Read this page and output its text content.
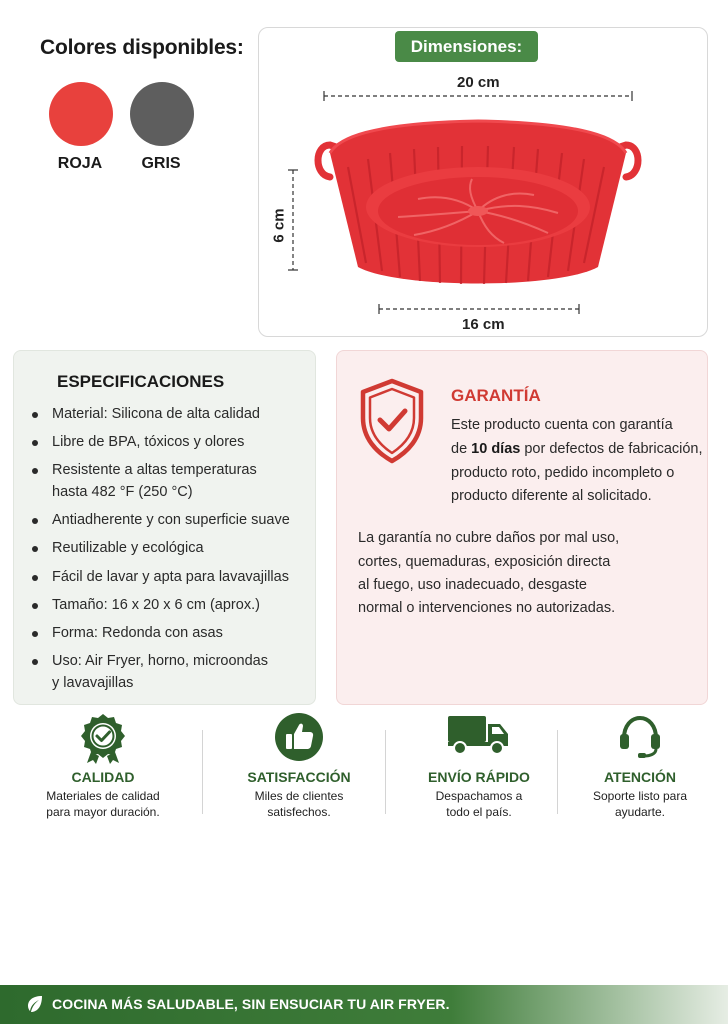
Colores disponibles:
ROJA	GRIS
Dimensiones:
20 cm
16 cm
6 cm
ESPECIFICACIONES
Material: Silicona de alta calidad
Libre de BPA, tóxicos y olores
Resistente a altas temperaturas
hasta 482 °F (250 °C)
Antiadherente y con superficie suave
Reutilizable y ecológica
Fácil de lavar y apta para lavavajillas
Tamaño: 16 x 20 x 6 cm (aprox.)
Forma: Redonda con asas
Uso: Air Fryer, horno, microondas
y lavavajillas
GARANTÍA
Este producto cuenta con garantía
de 10 días por defectos de fabricación,
producto roto, pedido incompleto o
producto diferente al solicitado.
La garantía no cubre daños por mal uso,
cortes, quemaduras, exposición directa
al fuego, uso inadecuado, desgaste
normal o intervenciones no autorizadas.
CALIDAD
Materiales de calidad
para mayor duración.
SATISFACCIÓN
Miles de clientes
satisfechos.
ENVÍO RÁPIDO
Despachamos a
todo el país.
ATENCIÓN
Soporte listo para
ayudarte.
COCINA MÁS SALUDABLE, SIN ENSUCIAR TU AIR FRYER.
